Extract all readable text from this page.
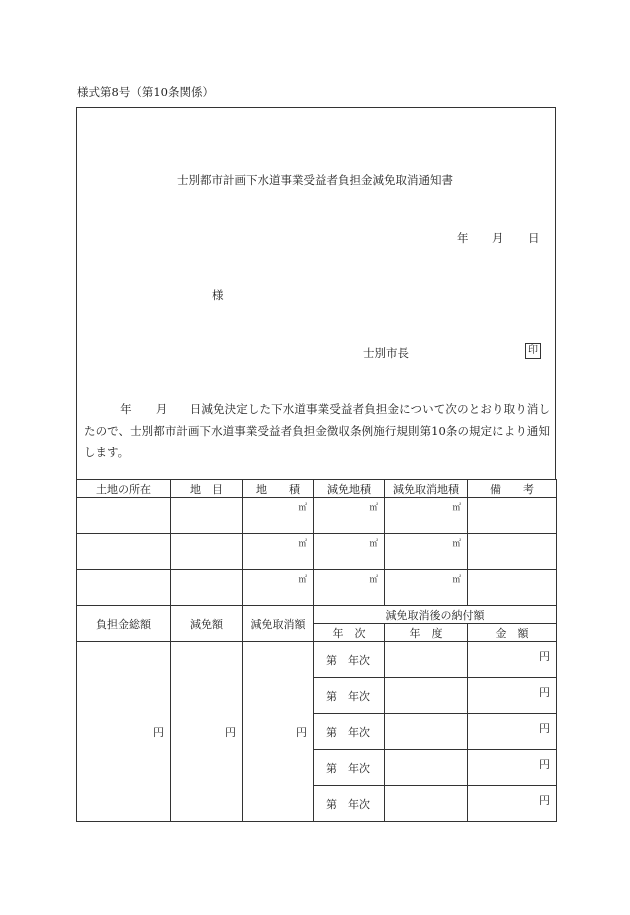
様式第8号（第10条関係）
士別都市計画下水道事業受益者負担金減免取消通知書
年 月 日
様
士別市長	印
年 月 日減免決定した下水道事業受益者負担金について次のとおり取り消したので、士別都市計画下水道事業受益者負担金徴収条例施行規則第10条の規定により通知します。
土地の所在	地　目	地　　積	減免地積	減免取消地積	備　　考

		㎡	㎡	㎡	

		㎡	㎡	㎡	

		㎡	㎡	㎡	

負担金総額	減免額	減免取消額	減免取消後の納付額		
			年　次	年　度	金　額
円	円	円	第　年次		円

			第　年次		円

			第　年次		円

			第　年次		円

			第　年次		円
